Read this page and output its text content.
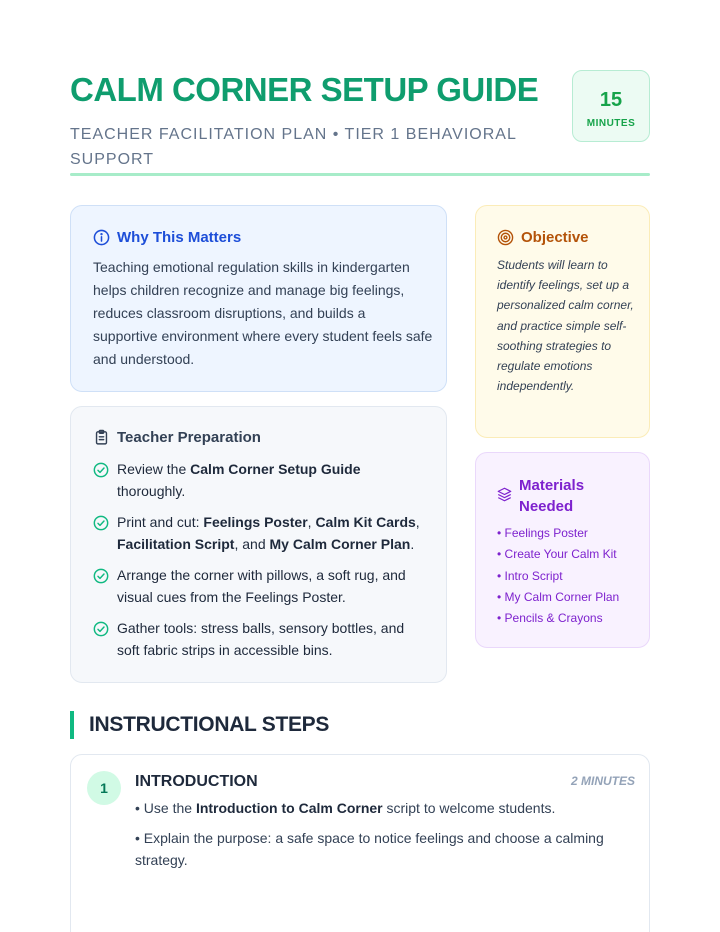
CALM CORNER SETUP GUIDE
TEACHER FACILITATION PLAN • TIER 1 BEHAVIORAL SUPPORT
15
MINUTES
Why This Matters
Teaching emotional regulation skills in kindergarten helps children recognize and manage big feelings, reduces classroom disruptions, and builds a supportive environment where every student feels safe and understood.
Teacher Preparation
Review the Calm Corner Setup Guide thoroughly.
Print and cut: Feelings Poster, Calm Kit Cards, Facilitation Script, and My Calm Corner Plan.
Arrange the corner with pillows, a soft rug, and visual cues from the Feelings Poster.
Gather tools: stress balls, sensory bottles, and soft fabric strips in accessible bins.
Objective
Students will learn to identify feelings, set up a personalized calm corner, and practice simple self-soothing strategies to regulate emotions independently.
Materials Needed
• Feelings Poster
• Create Your Calm Kit
• Intro Script
• My Calm Corner Plan
• Pencils & Crayons
INSTRUCTIONAL STEPS
1	INTRODUCTION	2 MINUTES
• Use the Introduction to Calm Corner script to welcome students.
• Explain the purpose: a safe space to notice feelings and choose a calming strategy.
